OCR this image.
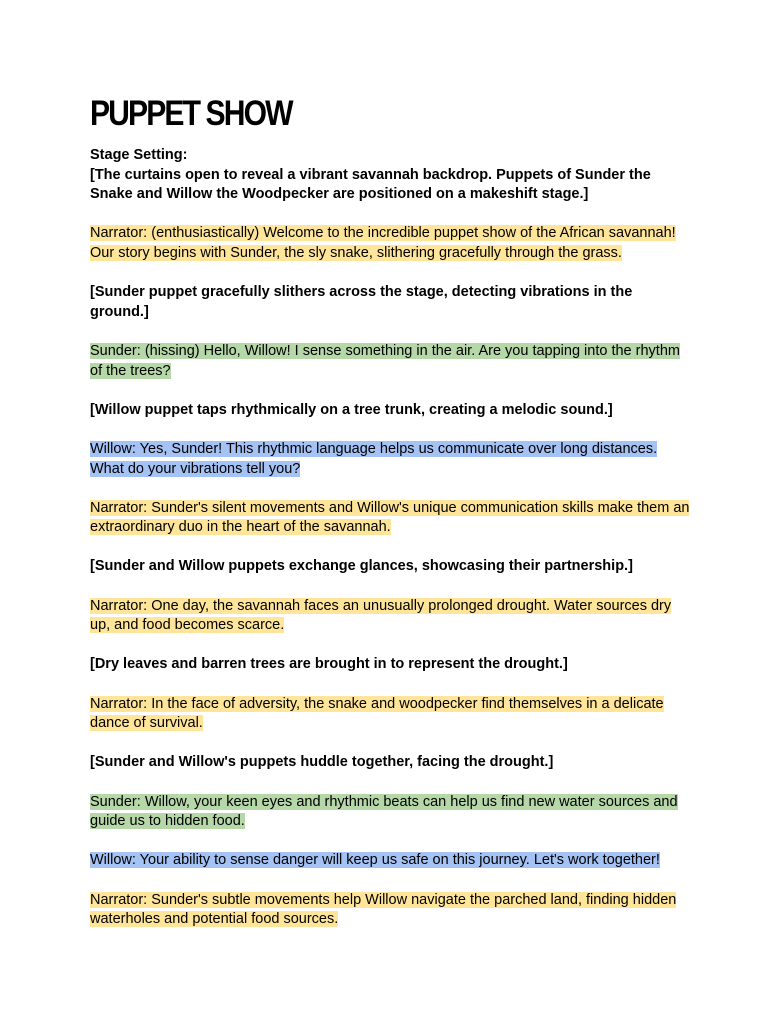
PUPPET SHOW
Stage Setting:
[The curtains open to reveal a vibrant savannah backdrop. Puppets of Sunder the Snake and Willow the Woodpecker are positioned on a makeshift stage.]
Narrator: (enthusiastically) Welcome to the incredible puppet show of the African savannah! Our story begins with Sunder, the sly snake, slithering gracefully through the grass.
[Sunder puppet gracefully slithers across the stage, detecting vibrations in the ground.]
Sunder: (hissing) Hello, Willow! I sense something in the air. Are you tapping into the rhythm of the trees?
[Willow puppet taps rhythmically on a tree trunk, creating a melodic sound.]
Willow: Yes, Sunder! This rhythmic language helps us communicate over long distances. What do your vibrations tell you?
Narrator: Sunder's silent movements and Willow's unique communication skills make them an extraordinary duo in the heart of the savannah.
[Sunder and Willow puppets exchange glances, showcasing their partnership.]
Narrator: One day, the savannah faces an unusually prolonged drought. Water sources dry up, and food becomes scarce.
[Dry leaves and barren trees are brought in to represent the drought.]
Narrator: In the face of adversity, the snake and woodpecker find themselves in a delicate dance of survival.
[Sunder and Willow's puppets huddle together, facing the drought.]
Sunder: Willow, your keen eyes and rhythmic beats can help us find new water sources and guide us to hidden food.
Willow: Your ability to sense danger will keep us safe on this journey. Let's work together!
Narrator: Sunder's subtle movements help Willow navigate the parched land, finding hidden waterholes and potential food sources.
